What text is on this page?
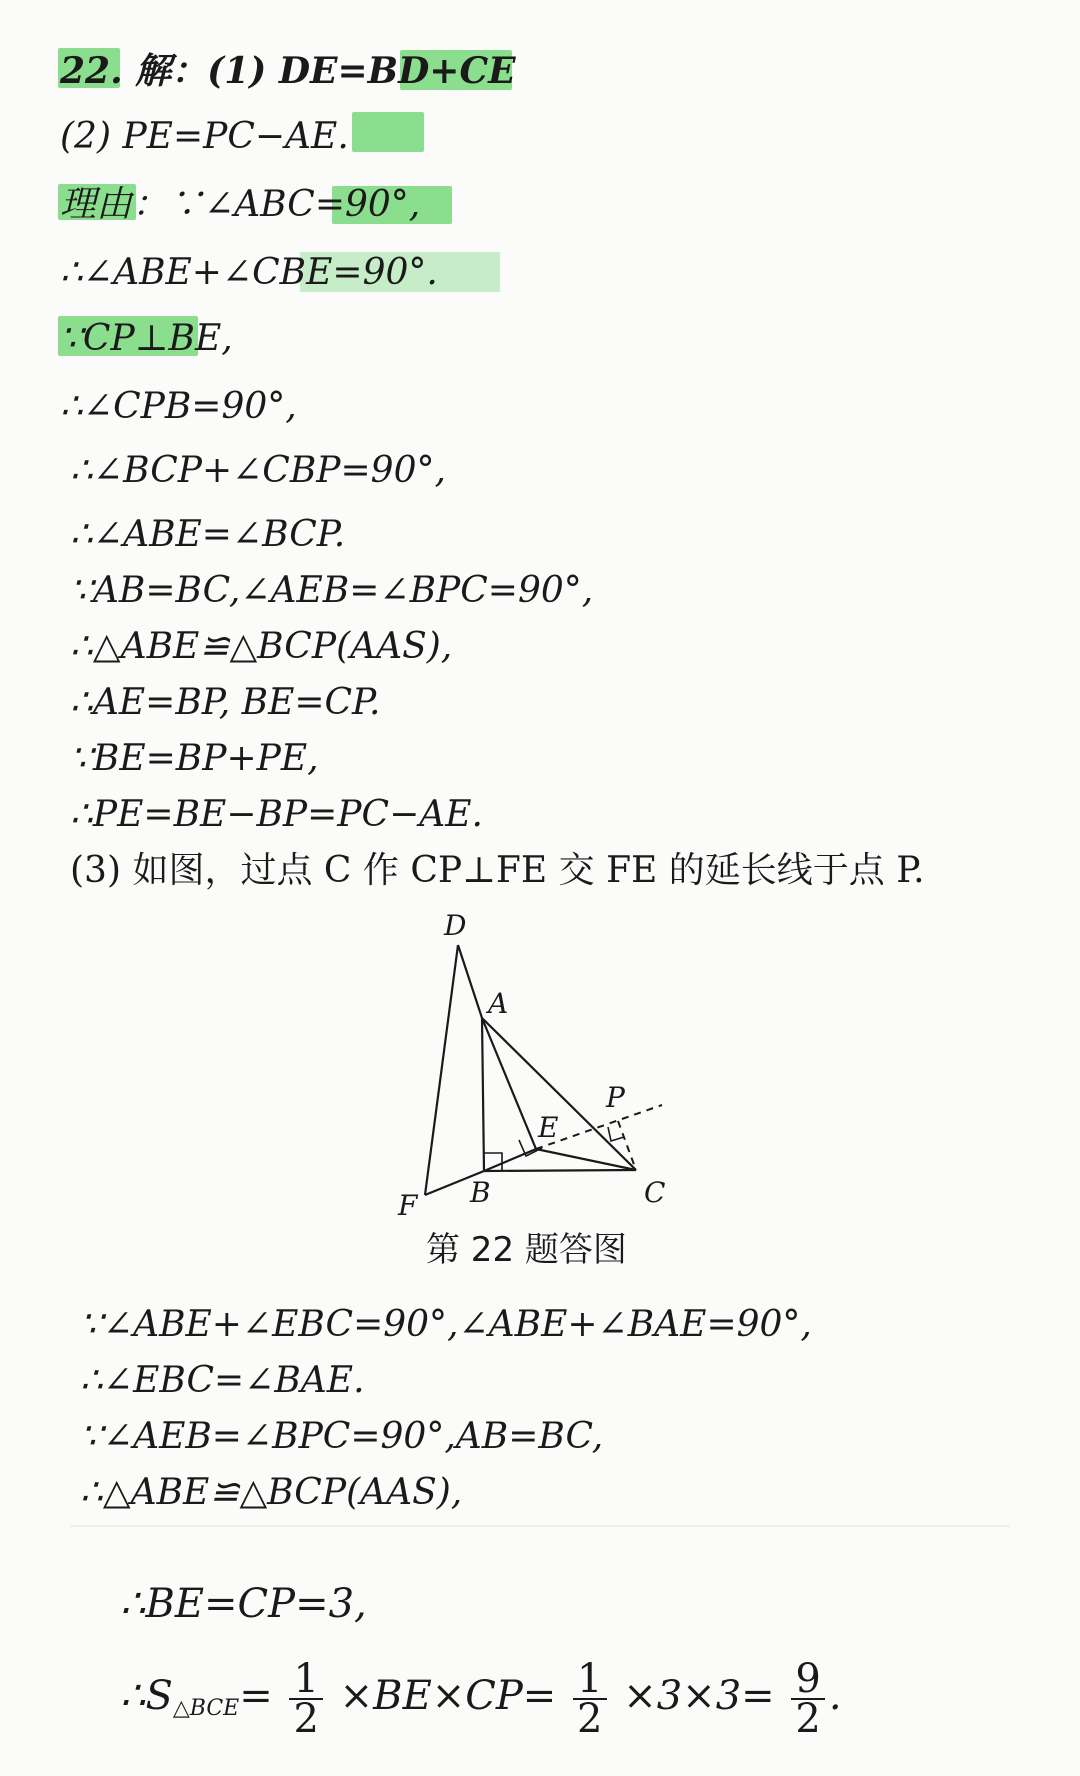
22. 解：(1) DE=BD+CE
(2) PE=PC−AE.
理由：∵∠ABC=90°,
∴∠ABE+∠CBE=90°.
∵CP⊥BE,
∴∠CPB=90°,
∴∠BCP+∠CBP=90°,
∴∠ABE=∠BCP.
∵AB=BC,∠AEB=∠BPC=90°,
∴△ABE≌△BCP(AAS),
∴AE=BP, BE=CP.
∵BE=BP+PE,
∴PE=BE−BP=PC−AE.
(3) 如图，过点 C 作 CP⊥FE 交 FE 的延长线于点 P.
D
A
P
E
F B	C
第 22 题答图
∵∠ABE+∠EBC=90°,∠ABE+∠BAE=90°,
∴∠EBC=∠BAE.
∵∠AEB=∠BPC=90°,AB=BC,
∴△ABE≌△BCP(AAS),
∴BE=CP=3,
$\therefore S_{\triangle BCE}= \frac{1}{2} \times BE\times CP= \frac{1}{2} \times 3\times 3= \frac{9}{2}$ .
